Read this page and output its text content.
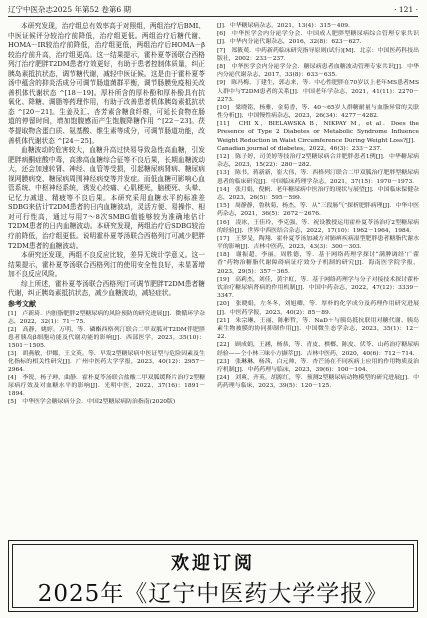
辽宁中医杂志2025 年第52 卷第6 期	· 121 ·

本研究发现，治疗组总有效率高于对照组，两组治疗后BMI、中医证候评分较治疗前降低，治疗组更低。两组治疗后糖代谢、HOMA－IR较治疗前降低，治疗组更低，两组治疗后HOMA－β较治疗前升高，治疗组更高。这一结果提示，霍朴夏苓汤联合西格列汀治疗肥胖T2DM患者疗效更好，有助于患者控制体质量，纠正胰岛素抵抗状态，调节糖代谢，减轻中医证候。这是由于霍朴夏苓汤中蕴含的抑炎活成分可调节肠道菌群平衡，调节肠膜免疫相关改善机体代谢状态 ^[18－19]。厚朴所含的厚朴酚和厚朴酚具有抗氧化、降糖、调脂等药理作用，有助于改善患者机体胰岛素抵抗状态 ^[20－21]。生姜及汇、杏芳素含糖食纤维，可延长食物在肠道的停留时间，增加饱腹感而产生饱腹降糖作用 ^[22－23]。茯苓提取物含蛋白质、氨基酸、维生素等成分，可调节肠道功能，改善机体代谢状态 ^[24－25]。

血糖波动的危害较大，血糖升高过快易导致急性高血糖，引发肥胖病酮症酸中毒，高渗高血糖综合征等不良后果，长期血糖波动大，还会加速转肾、神经、血管等受损，引起糖尿病肾病、糖尿病视网膜病变、糖尿病周围神经病变等并发症。而低血糖可影响心血管系统、中枢神经系统，诱发心绞痛、心肌梗死，脑梗死、头晕、记忆力减退、精疲等不良后果。本研究采用血糖水平的标准差SDBG来估计T2DM患者的日内血糖波动，灵活方便、易操作、相对可行性高，通过与用7～8次SMBG值能够较为准确地估计T2DM患者的日内血糖波动。本研究发现，两组治疗后SDBG较治疗前降低，治疗组更低。说明霍朴夏苓汤联合西格列汀可减少肥胖T2DM患者的血糖波动。

本研究还发现，两组不良反应比较，差异无统计学意义。这一结果提示，霍朴夏苓汤联合西格列汀的使用安全性良好，未显著增加不良反应风险。

综上所述，霍朴夏苓汤联合西格列汀可调节肥胖T2DM患者糖代谢，纠正胰岛素抵抗状态，减少血糖波动，减轻症状。

参考文献

[1]　卢新琦．内脏脂肥胖2型糖尿病的风险预防的研究进展[J]．微循环学杂志，2022，32(1)：71－75．

[2]　高静，姚婷，万明，等．磷酯西格列汀联合二甲双胍对T2DM伴肥胖患者胰岛β细胞功能及代谢功能的影响[J]．西部医学，2023，35(10)：1501－1505．

[3]　胡燕敏，伊娜，王文英，等．早发2型糖尿病中医证型与危险因素及生化指标的相关性研究[J]．广州中医药大学学报，2023，40(12)：2957－2964．

[4]　李锐，杨子珅，曲静．霍朴夏苓汤联合盐酸二甲双胍缓释片治疗2型糖尿病疗效及对血糖水平的影响[J]．光明中医，2022，37(16)：1891－1894．

[5]　中华医学会糖尿病分会．中国2型糖尿病防治指南(2020版)

[J]．中华糖尿病杂志，2021，13(4)：315－409．

[6]　中华医学会内分泌学分会．中国成人肥胖型糖尿病综合管理专家共识[J]．中华内分泌代谢杂志，2016，32(8)：623－627．

[7]　郑筱萸．中药新药临床研究指导原则(试行)[M]．北京：中国医药科技出版社，2002：233－237．

[8]　中华医学会内分泌学分会．糖尿病患者血糖波动管理专家共识[J]．中华内分泌代谢杂志，2017，33(8)：633－635．

[9]　陈冯梅，丁建生，郭志来，等．中心性肥胖在70岁以上老年MS患者MS人群中与T2DM患者的关系[J]．中国老年学杂志，2021，41(11)：2270－2273．

[10]　梁晓铭，杨雅，金菊香，等．40～65岁人群糖耐量与血脂异常的关联性分析[J]．中国慢性病杂志，2023，26(34)：4277－4282．

[11]　CHI X，BIELAWSKA B，NIKPAY M，et al．Does the Presence of Type 2 Diabetes or Metabolic Syndrome Influence Weight Reduction in Waist Circumference During Weight Loss?[J]．Canadian journal of diabetes，2022，46(3)：233－237．

[12]　陈子婷，司美婷等技治疗2型糖尿病合并肥胖患者1例[J]．中华糖尿病杂志，2023，15(22)：280－282．

[13]　陈书，蒋新新，崔大伟，等．西格列汀联合二甲双胍治疗肥胖型糖尿病患者的临床研究[J]．中国临床药理学杂志，2021，37(15)：1970－1973．

[14]　张月娟，倪帆．老年糖尿病中医治疗的现状与展望[J]．中国临床保健杂志，2023，26(5)：595－599．

[15]　周静静，鲁秋菊，杨杰，等．从“三段肠气”探析肥胖病理[J]．中华中医药杂志，2021，36(5)：2672－2676．

[16]　凌冰，王佳玲，李克强，等．祝设教授运用霍朴夏苓汤治疗2型糖尿病的经验[J]．世界中西医结合杂志，2022，17(10)：1962－1964，1984．

[17]　王梦旻，陶翔．霍朴夏苓汤加减方对肺痹疾病湿型肥胖患者糖脂代谢水平的影响[J]．吉林中医药，2023，43(3)：300－303．

[18]　谢振超，李丽，周胜德，等．基于网络药理学探讨“满脾调经‘广藿香”药物治糖脂代谢障碍病证疗效分子机制的研究[J]．海南医学院学报，2023，29(5)：357－365．

[19]　高莉杰，刘佳，黄宇虹，等．基于网络药理学与分子对接技术探讨藿朴饮治疗糖尿病肾病的作用机制[J]．中国中药杂志，2022，47(12)：3339－3347．

[20]　张晓娟，左冬冬，刘旭卿，等．厚朴的化学成分及药理作用研究进展[J]．中医药学报，2023，40(2)：85－89．

[21]　朱宗琳，王丽，陈彬哲，等．NaD＋与胰岛抵抗联用对糖代谢、胰岛素生物被膜的协同抑制作用[J]．中国微生态学杂志，2023，35(1)：12－22．

[22]　顾成娟，王涵，杨恭，等．青皮、槟榔、陈皮、伏苓、山药治疗糖尿病经验——仝小林三味小方撷萃[J]．吉林中医药，2020，40(6)：712－714．

[23]　张琳琳，杨茜，白元帅，等．杏芒汤在不同疾病上应用的作用物质及治疗机制[J]．中药药理与临床，2023，39(6)：100－104．

[24]　刘爽，齐英，胡源红，等．预测2型糖尿病动物模型的研究进展[J]．中药药理与临床，2023，39(5)：120－125．

欢迎订阅
2025年《辽宁中医药大学学报》
